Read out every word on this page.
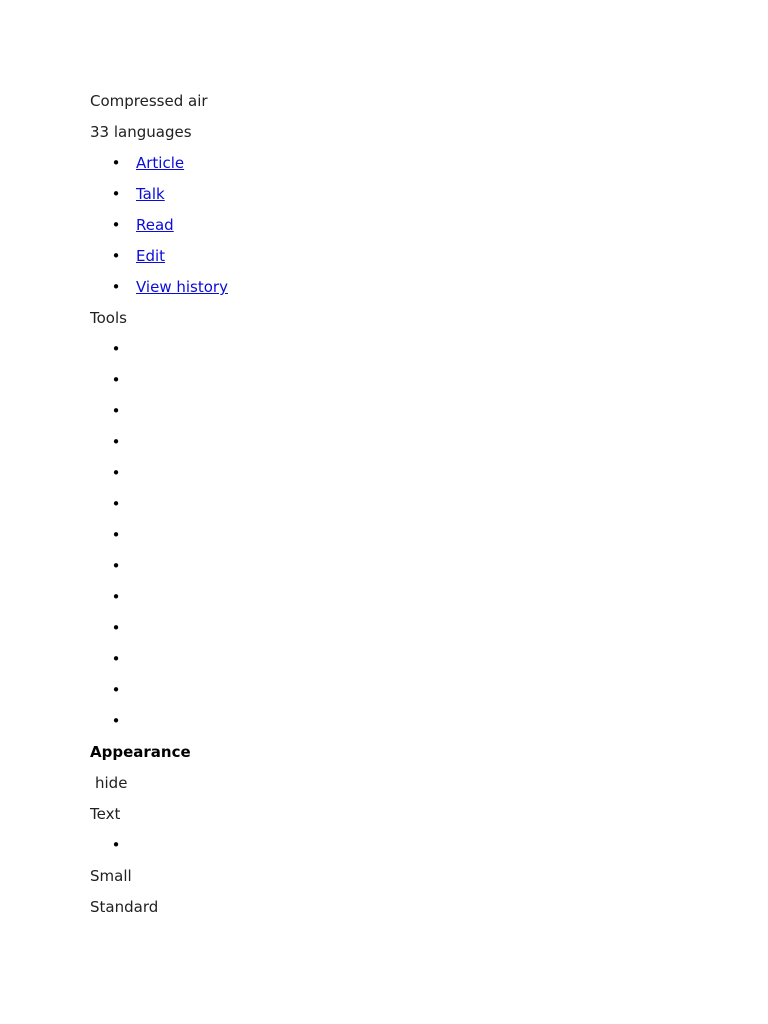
Compressed air
33 languages
• Article
• Talk
• Read
• Edit
• View history
Tools
•
•
•
•
•
•
•
•
•
•
•
•
•
Appearance
hide
Text
•
Small
Standard
